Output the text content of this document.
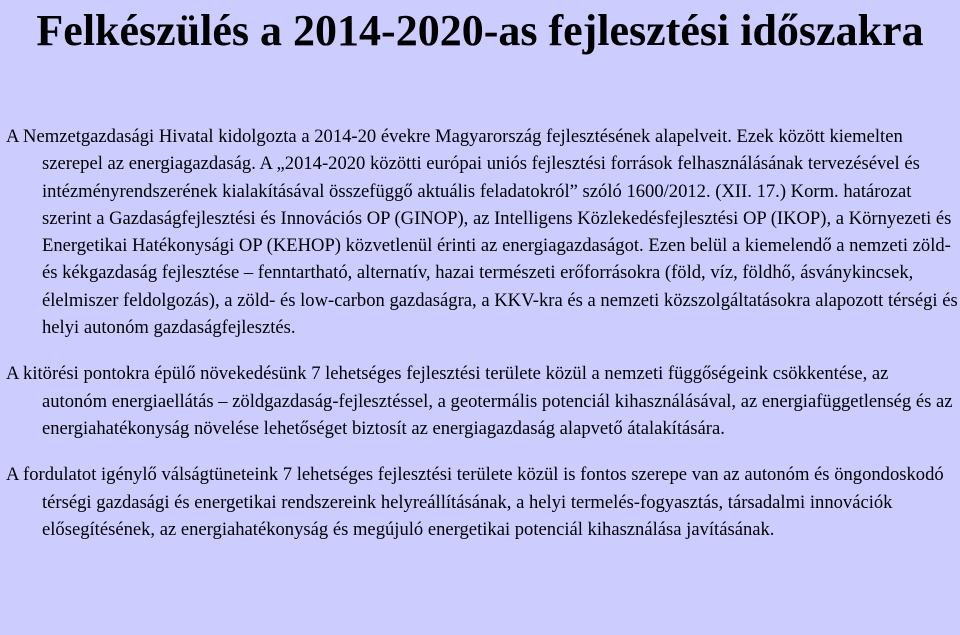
Felkészülés a 2014-2020-as fejlesztési időszakra

A Nemzetgazdasági Hivatal kidolgozta a 2014-20 évekre Magyarország fejlesztésének alapelveit. Ezek között kiemelten szerepel az energiagazdaság. A „2014-2020 közötti európai uniós fejlesztési források felhasználásának tervezésével és intézményrendszerének kialakításával összefüggő aktuális feladatokról” szóló 1600/2012. (XII. 17.) Korm. határozat szerint a Gazdaságfejlesztési és Innovációs OP (GINOP), az Intelligens Közlekedésfejlesztési OP (IKOP), a Környezeti és Energetikai Hatékonysági OP (KEHOP) közvetlenül érinti az energiagazdaságot. Ezen belül a kiemelendő a nemzeti zöld- és kékgazdaság fejlesztése – fenntartható, alternatív, hazai természeti erőforrásokra (föld, víz, földhő, ásványkincsek, élelmiszer feldolgozás), a zöld- és low-carbon gazdaságra, a KKV-kra és a nemzeti közszolgáltatásokra alapozott térségi és helyi autonóm gazdaságfejlesztés.

A kitörési pontokra épülő növekedésünk 7 lehetséges fejlesztési területe közül a nemzeti függőségeink csökkentése, az autonóm energiaellátás – zöldgazdaság-fejlesztéssel, a geotermális potenciál kihasználásával, az energiafüggetlenség és az energiahatékonyság növelése lehetőséget biztosít az energiagazdaság alapvető átalakítására.

A fordulatot igénylő válságtüneteink 7 lehetséges fejlesztési területe közül is fontos szerepe van az autonóm és öngondoskodó térségi gazdasági és energetikai rendszereink helyreállításának, a helyi termelés-fogyasztás, társadalmi innovációk elősegítésének, az energiahatékonyság és megújuló energetikai potenciál kihasználása javításának.
